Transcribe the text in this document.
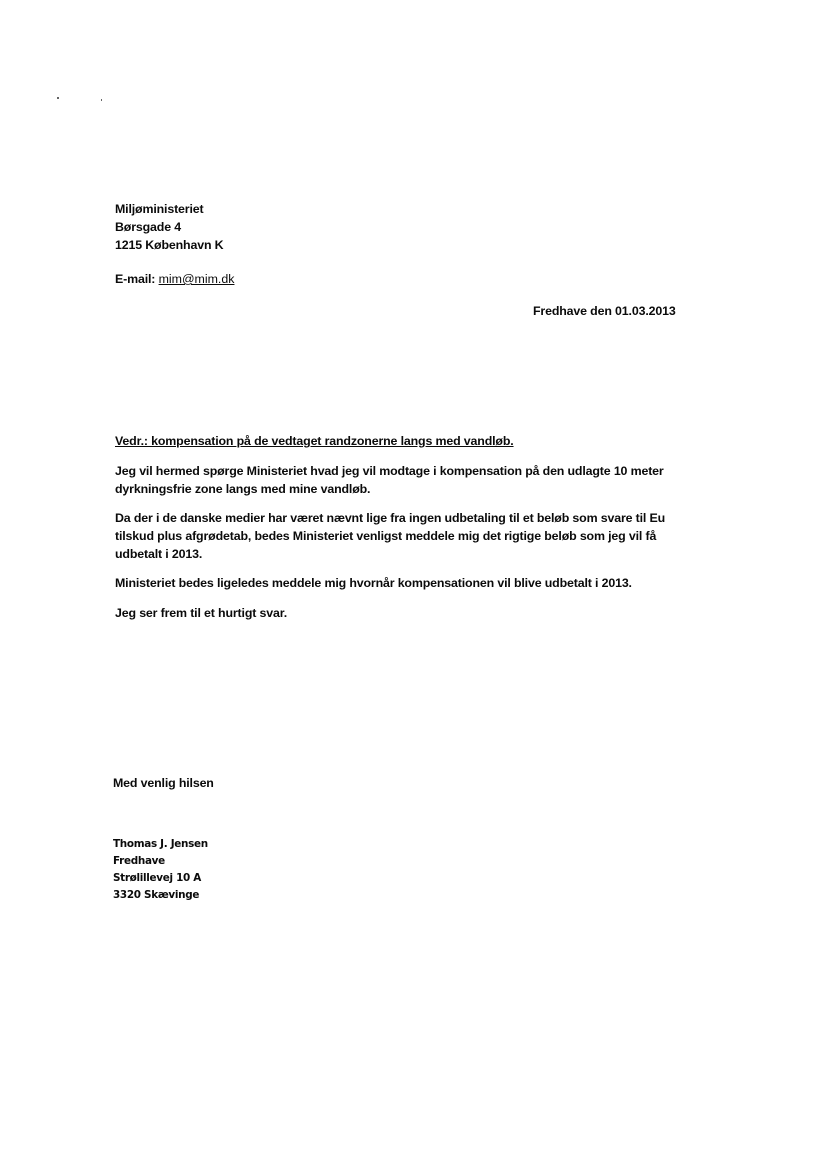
Miljøministeriet
Børsgade 4
1215 København K
E-mail: mim@mim.dk
Fredhave den 01.03.2013
Vedr.: kompensation på de vedtaget randzonerne langs med vandløb.
Jeg vil hermed spørge Ministeriet hvad jeg vil modtage i kompensation på den udlagte 10 meter
dyrkningsfrie zone langs med mine vandløb.
Da der i de danske medier har været nævnt lige fra ingen udbetaling til et beløb som svare til Eu
tilskud plus afgrødetab, bedes Ministeriet venligst meddele mig det rigtige beløb som jeg vil få
udbetalt i 2013.
Ministeriet bedes ligeledes meddele mig hvornår kompensationen vil blive udbetalt i 2013.
Jeg ser frem til et hurtigt svar.
Med venlig hilsen
Thomas J. Jensen
Fredhave
Strølillevej 10 A
3320 Skævinge
